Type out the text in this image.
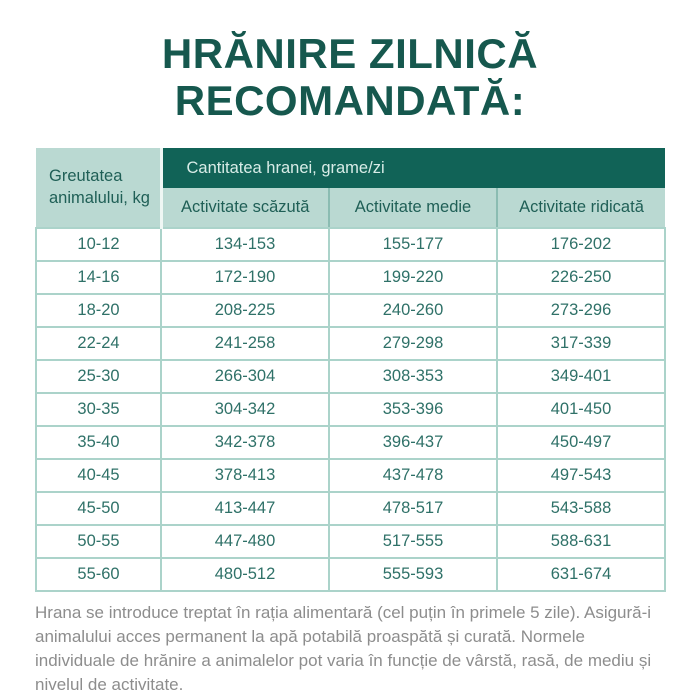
HRĂNIRE ZILNICĂ
RECOMANDATĂ:
Greutatea animalului, kg	Cantitatea hranei, grame/zi		
	Activitate scăzută	Activitate medie	Activitate ridicată
10-12	134-153	155-177	176-202
14-16	172-190	199-220	226-250
18-20	208-225	240-260	273-296
22-24	241-258	279-298	317-339
25-30	266-304	308-353	349-401
30-35	304-342	353-396	401-450
35-40	342-378	396-437	450-497
40-45	378-413	437-478	497-543
45-50	413-447	478-517	543-588
50-55	447-480	517-555	588-631
55-60	480-512	555-593	631-674

Hrana se introduce treptat în rația alimentară (cel puțin în primele 5 zile). Asigură-i animalului acces permanent la apă potabilă proaspătă și curată. Normele individuale de hrănire a animalelor pot varia în funcție de vârstă, rasă, de mediu și nivelul de activitate.
